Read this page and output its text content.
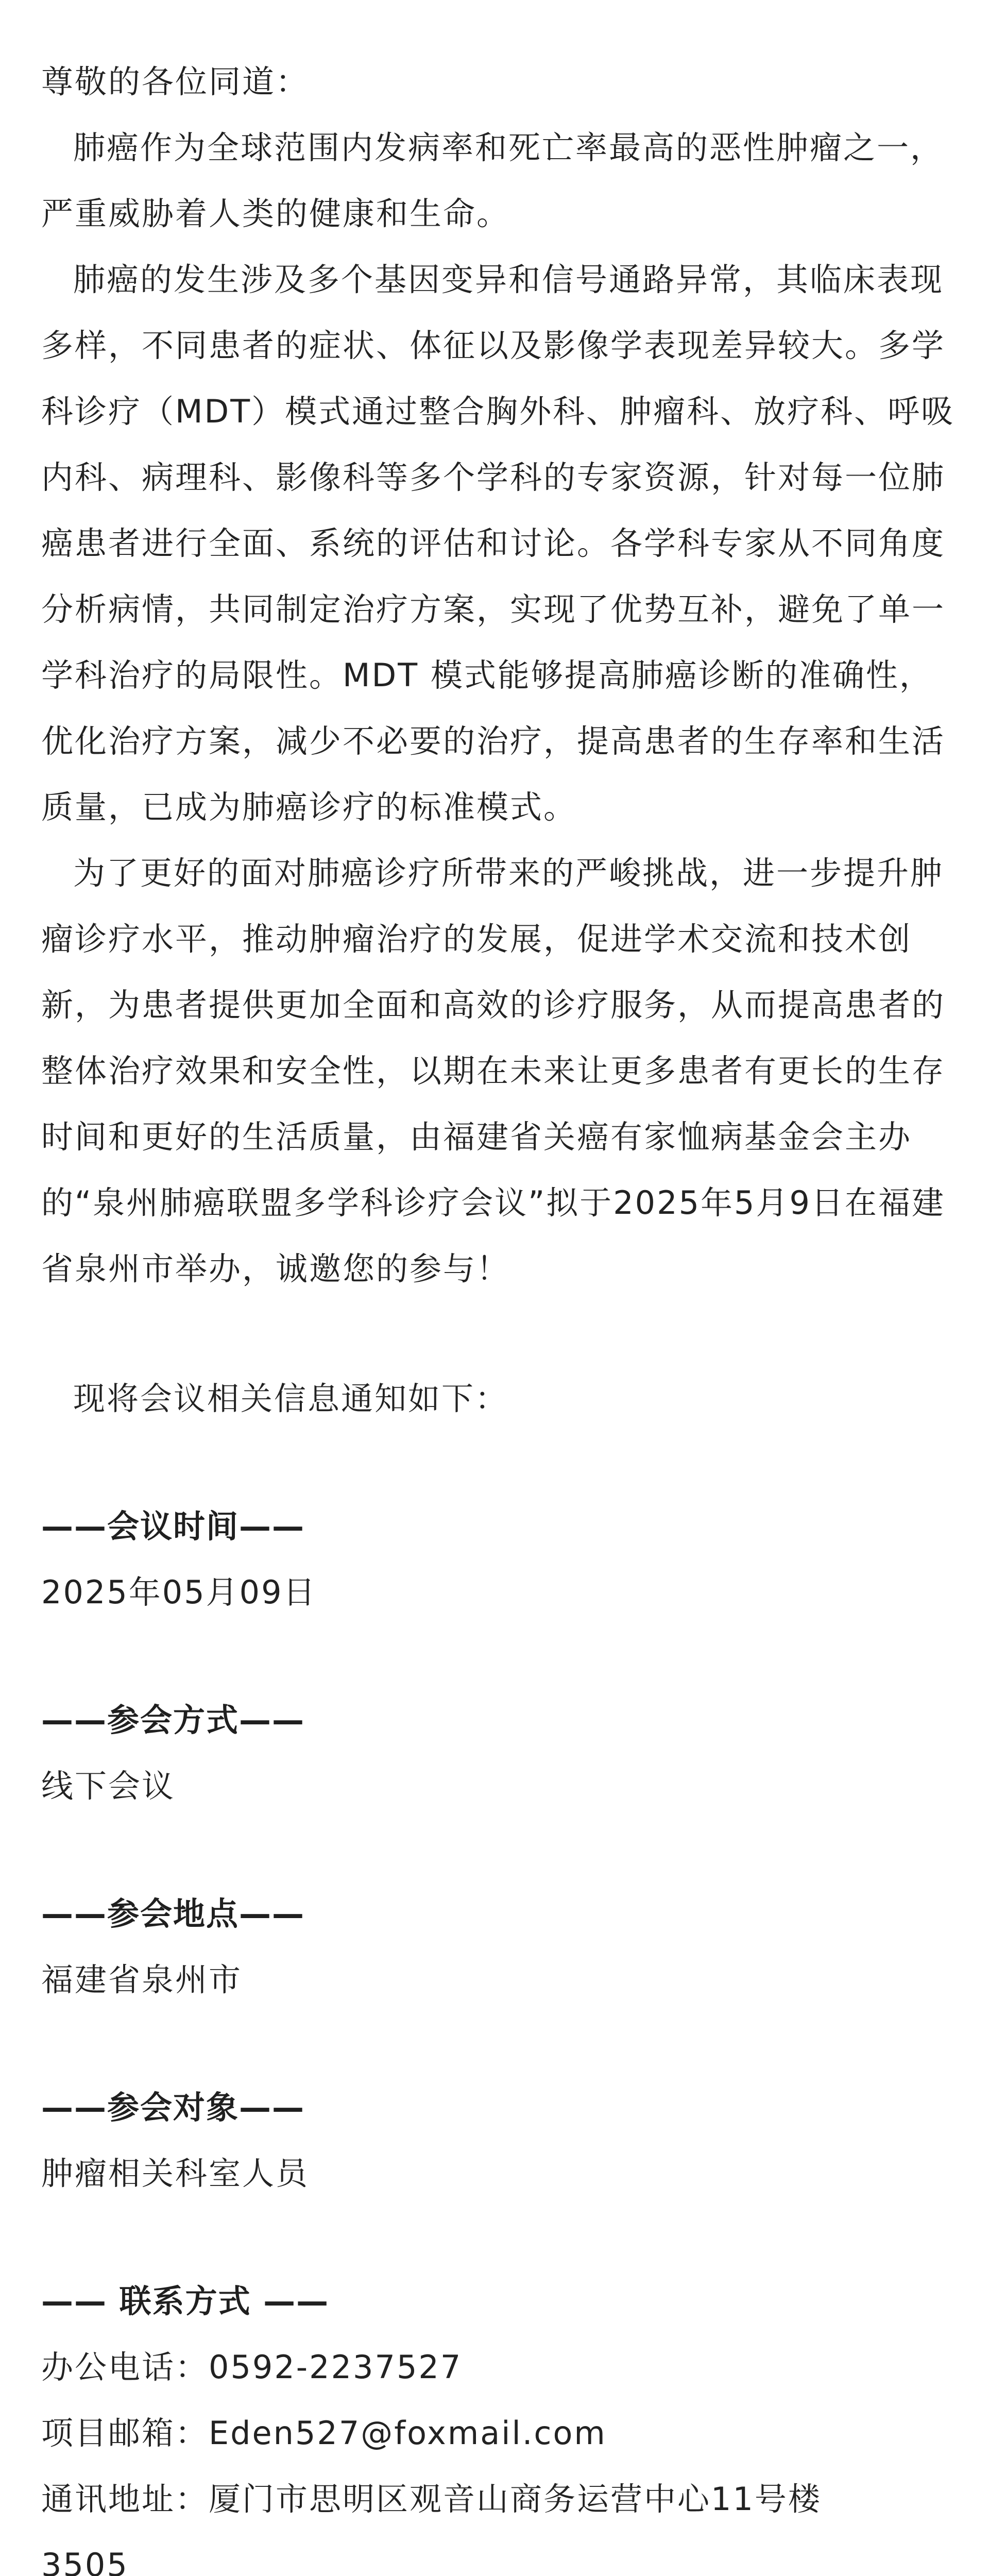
尊敬的各位同道：

肺癌作为全球范围内发病率和死亡率最高的恶性肿瘤之一，严重威胁着人类的健康和生命。

肺癌的发生涉及多个基因变异和信号通路异常，其临床表现多样，不同患者的症状、体征以及影像学表现差异较大。多学科诊疗（MDT）模式通过整合胸外科、肿瘤科、放疗科、呼吸内科、病理科、影像科等多个学科的专家资源，针对每一位肺癌患者进行全面、系统的评估和讨论。各学科专家从不同角度分析病情，共同制定治疗方案，实现了优势互补，避免了单一学科治疗的局限性。MDT 模式能够提高肺癌诊断的准确性，优化治疗方案，减少不必要的治疗，提高患者的生存率和生活质量，已成为肺癌诊疗的标准模式。

为了更好的面对肺癌诊疗所带来的严峻挑战，进一步提升肿瘤诊疗水平，推动肿瘤治疗的发展，促进学术交流和技术创新，为患者提供更加全面和高效的诊疗服务，从而提高患者的整体治疗效果和安全性，以期在未来让更多患者有更长的生存时间和更好的生活质量，由福建省关癌有家恤病基金会主办的“泉州肺癌联盟多学科诊疗会议”拟于2025年5月9日在福建省泉州市举办，诚邀您的参与！

现将会议相关信息通知如下：

——会议时间——

2025年05月09日

——参会方式——

线下会议

——参会地点——

福建省泉州市

——参会对象——

肿瘤相关科室人员

—— 联系方式 ——

办公电话：0592-2237527

项目邮箱：Eden527@foxmail.com

通讯地址：厦门市思明区观音山商务运营中心11号楼

3505
